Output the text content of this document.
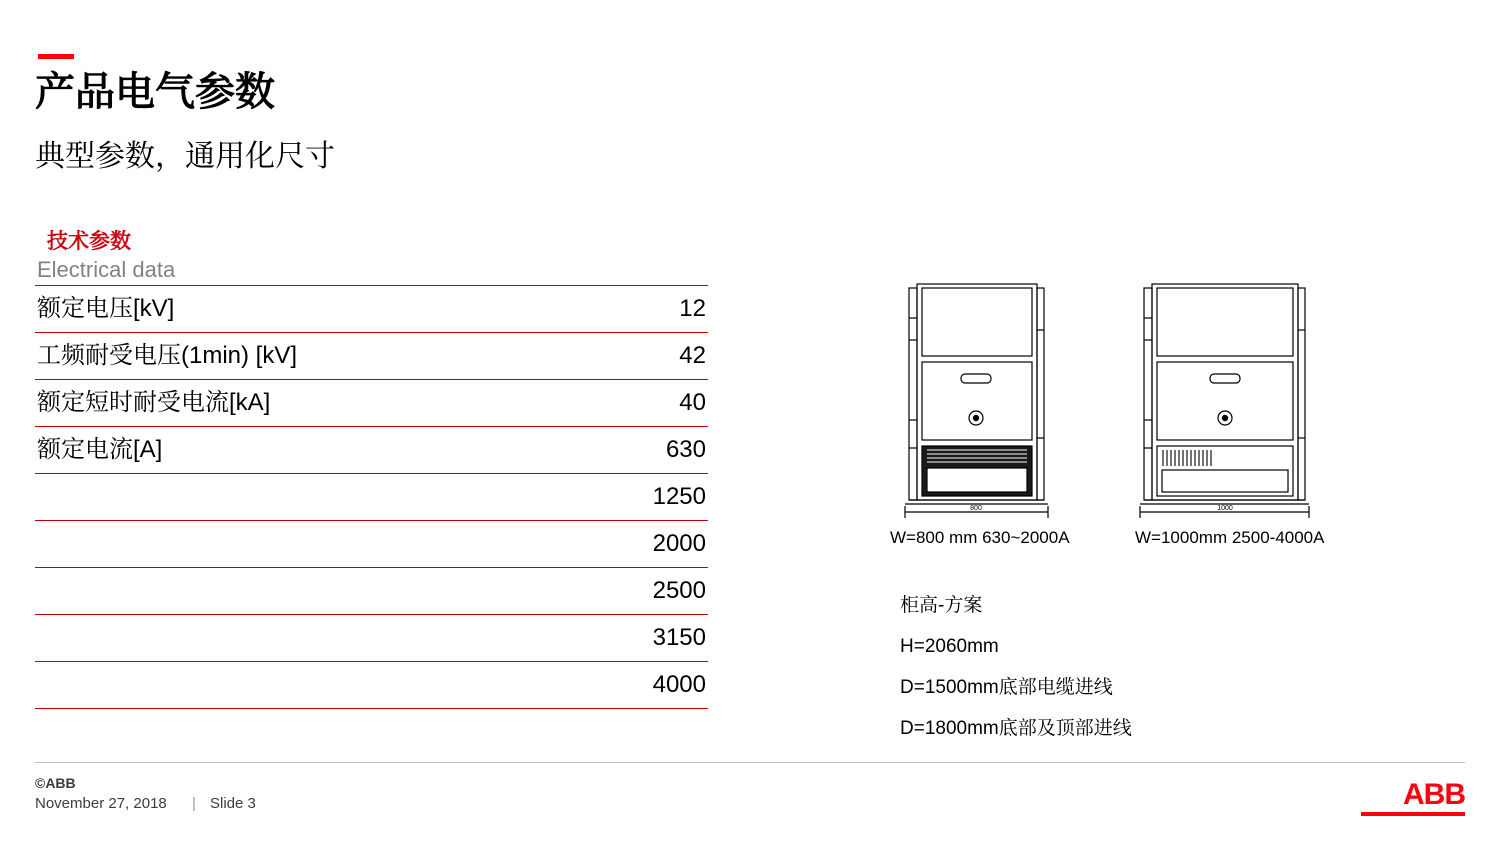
产品电气参数
典型参数，通用化尺寸
技术参数
Electrical data
额定电压[kV]	12
工频耐受电压(1min) [kV]	42
额定短时耐受电流[kA]	40
额定电流[A]	630
	1250
	2000
	2500
	3150
	4000
800	1000
W=800 mm 630~2000A	W=1000mm 2500-4000A
柜高-方案
H=2060mm
D=1500mm底部电缆进线
D=1800mm底部及顶部进线
©ABB
November 27, 2018 | Slide 3	ABB
